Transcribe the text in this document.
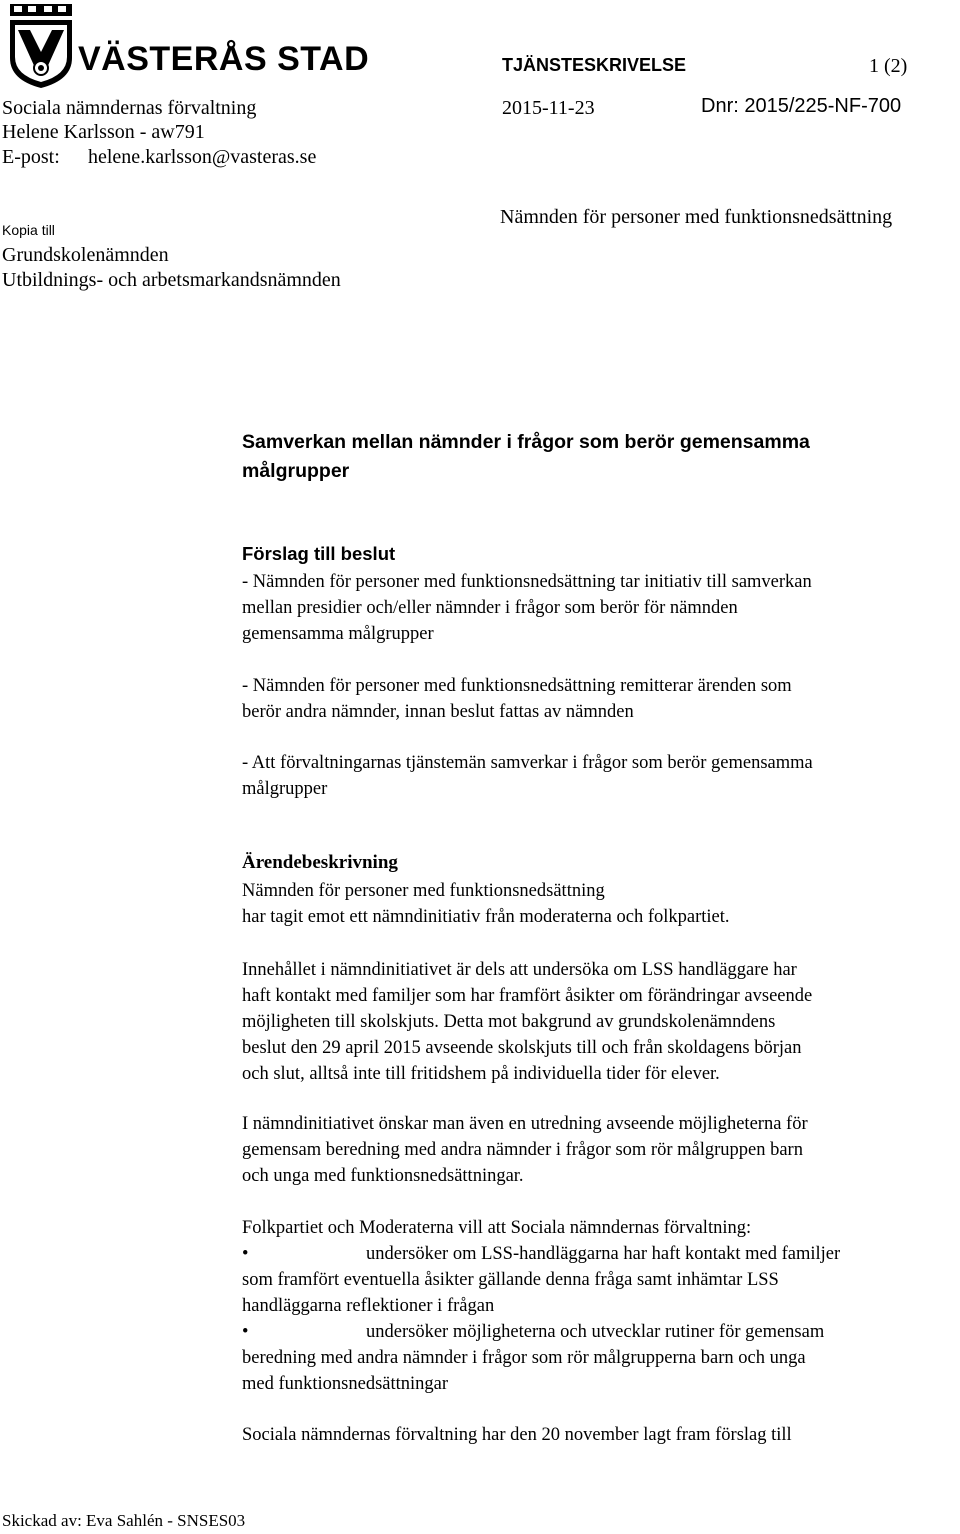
VÄSTERÅS STAD	TJÄNSTESKRIVELSE	1 (2)
2015-11-23	Dnr: 2015/225-NF-700
Sociala nämndernas förvaltning
Helene Karlsson - aw791
E-post: helene.karlsson@vasteras.se
Kopia till
Grundskolenämnden
Utbildnings- och arbetsmarkandsnämnden
Nämnden för personer med funktionsnedsättning
Samverkan mellan nämnder i frågor som berör gemensamma
målgrupper
Förslag till beslut

- Nämnden för personer med funktionsnedsättning tar initiativ till samverkan

mellan presidier och/eller nämnder i frågor som berör för nämnden

gemensamma målgrupper

- Nämnden för personer med funktionsnedsättning remitterar ärenden som

berör andra nämnder, innan beslut fattas av nämnden

- Att förvaltningarnas tjänstemän samverkar i frågor som berör gemensamma

målgrupper

Ärendebeskrivning

Nämnden för personer med funktionsnedsättning

har tagit emot ett nämndinitiativ från moderaterna och folkpartiet.

Innehållet i nämndinitiativet är dels att undersöka om LSS handläggare har

haft kontakt med familjer som har framfört åsikter om förändringar avseende

möjligheten till skolskjuts. Detta mot bakgrund av grundskolenämndens

beslut den 29 april 2015 avseende skolskjuts till och från skoldagens början

och slut, alltså inte till fritidshem på individuella tider för elever.

I nämndinitiativet önskar man även en utredning avseende möjligheterna för

gemensam beredning med andra nämnder i frågor som rör målgruppen barn

och unga med funktionsnedsättningar.

Folkpartiet och Moderaterna vill att Sociala nämndernas förvaltning:

•	undersöker om LSS-handläggarna har haft kontakt med familjer

som framfört eventuella åsikter gällande denna fråga samt inhämtar LSS

handläggarna reflektioner i frågan

•	undersöker möjligheterna och utvecklar rutiner för gemensam

beredning med andra nämnder i frågor som rör målgrupperna barn och unga

med funktionsnedsättningar

Sociala nämndernas förvaltning har den 20 november lagt fram förslag till

Skickad av: Eva Sahlén - SNSES03
